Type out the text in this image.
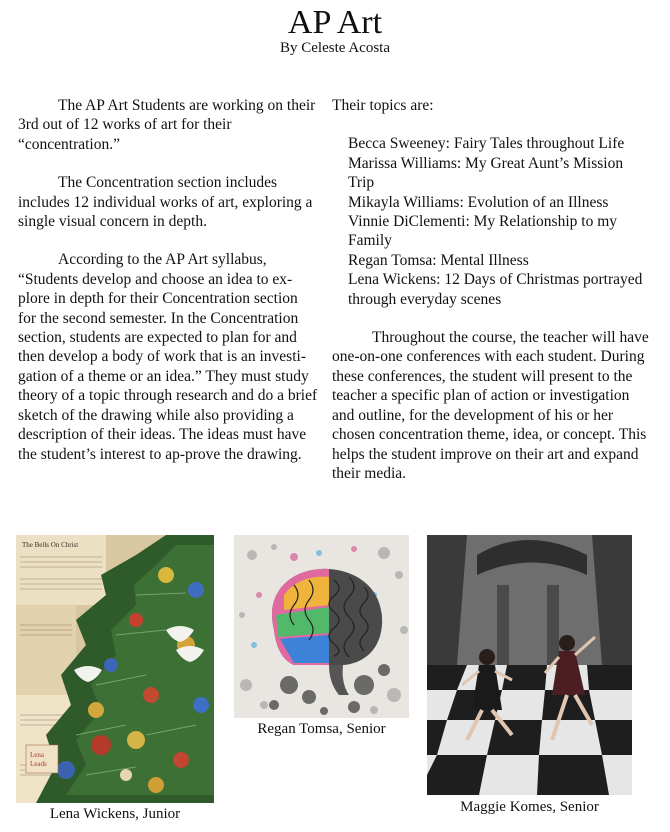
AP Art
By Celeste Acosta

The AP Art Students are working on their 3rd out of 12 works of art for their “concentration.”

The Concentration section includes includes 12 individual works of art, exploring a single visual concern in depth.

According to the AP Art syllabus, “Students develop and choose an idea to ex-plore in depth for their Concentration section for the second semester. In the Concentration section, students are expected to plan for and then develop a body of work that is an investi-gation of a theme or an idea.” They must study theory of a topic through research and do a brief sketch of the drawing while also providing a description of their ideas. The ideas must have the student’s interest to ap-prove the drawing.

Their topics are:

Becca Sweeney: Fairy Tales throughout Life
Marissa Williams: My Great Aunt’s Mission Trip
Mikayla Williams: Evolution of an Illness
Vinnie DiClementi: My Relationship to my Family
Regan Tomsa: Mental Illness
Lena Wickens: 12 Days of Christmas portrayed through everyday scenes

Throughout the course, the teacher will have one-on-one conferences with each student. During these conferences, the student will present to the teacher a specific plan of action or investigation and outline, for the development of his or her chosen concentration theme, idea, or concept. This helps the student improve on their art and expand their media.

The Bells On Christ
Lena Leads
Lena Wickens, Junior
Regan Tomsa, Senior
Maggie Komes, Senior
